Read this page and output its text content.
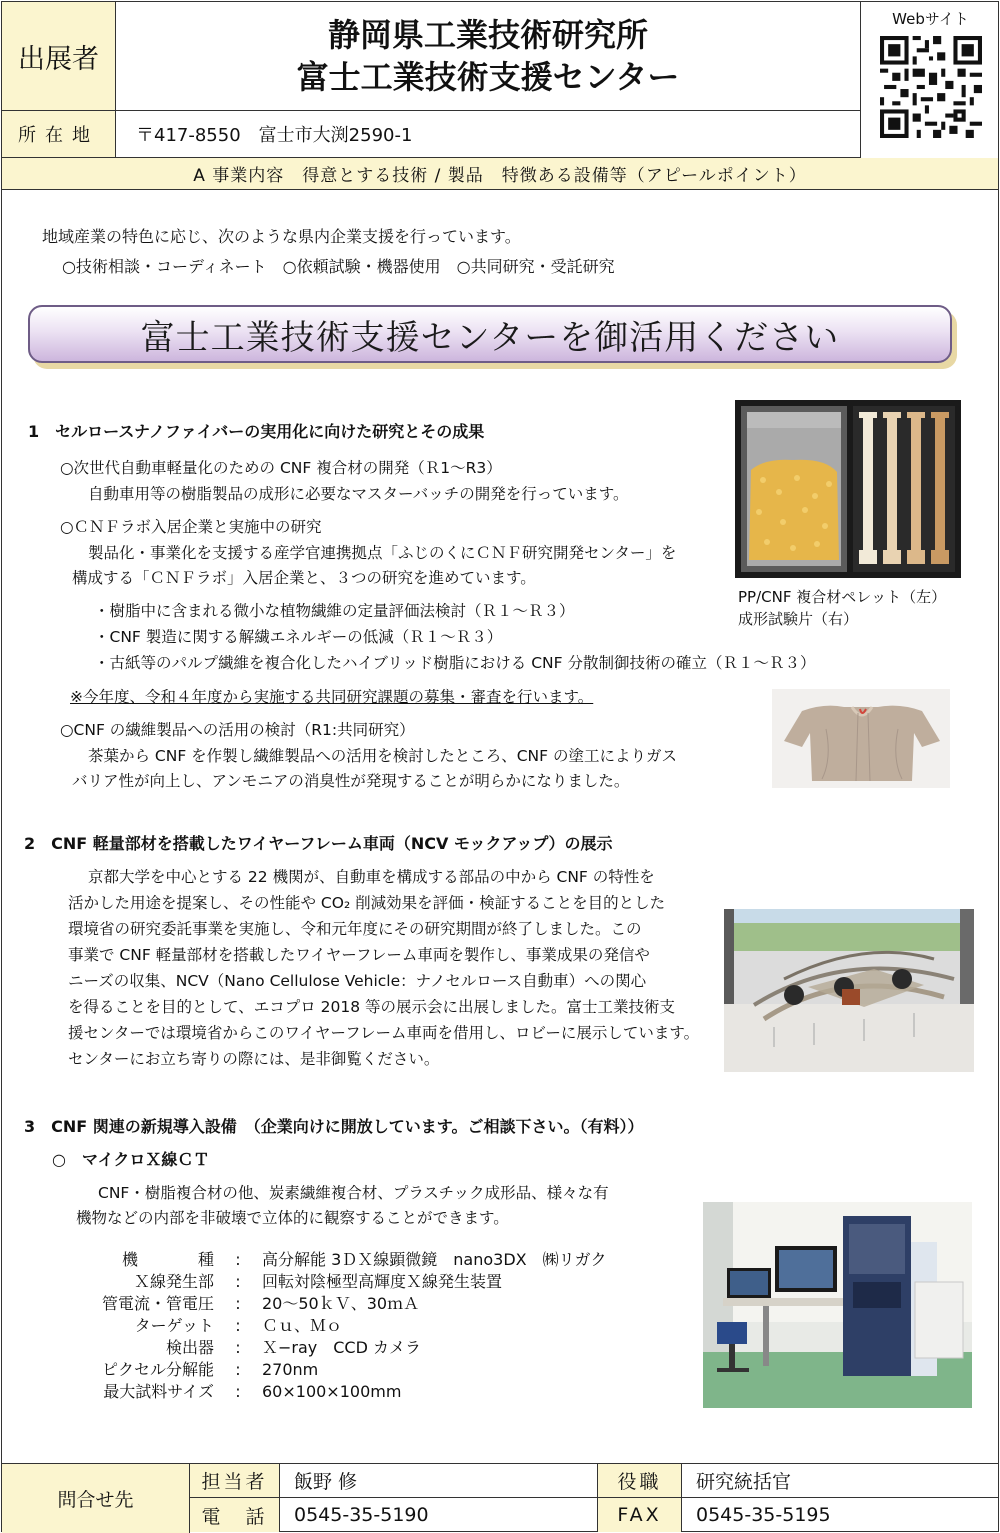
出展者
静岡県工業技術研究所
富士工業技術支援センター
Webサイト
所在地	〒417-8550　富士市大渕2590-1
A 事業内容　得意とする技術 / 製品　特徴ある設備等（アピールポイント）
地域産業の特色に応じ、次のような県内企業支援を行っています。
○技術相談・コーディネート　○依頼試験・機器使用　○共同研究・受託研究
富士工業技術支援センターを御活用ください
1　セルロースナノファイバーの実用化に向けた研究とその成果
○次世代自動車軽量化のための CNF 複合材の開発（Ｒ1～R3）
自動車用等の樹脂製品の成形に必要なマスターバッチの開発を行っています。
○ＣＮＦラボ入居企業と実施中の研究
製品化・事業化を支援する産学官連携拠点「ふじのくにＣＮＦ研究開発センター」を
構成する「ＣＮＦラボ」入居企業と、３つの研究を進めています。
・樹脂中に含まれる微小な植物繊維の定量評価法検討（Ｒ１～Ｒ３）
・CNF 製造に関する解繊エネルギーの低減（Ｒ１～Ｒ３）
・古紙等のパルプ繊維を複合化したハイブリッド樹脂における CNF 分散制御技術の確立（Ｒ１～Ｒ３）
※今年度、令和４年度から実施する共同研究課題の募集・審査を行います。
○CNF の繊維製品への活用の検討（R1:共同研究）
茶葉から CNF を作製し繊維製品への活用を検討したところ、CNF の塗工によりガス
バリア性が向上し、アンモニアの消臭性が発現することが明らかになりました。
PP/CNF 複合材ペレット（左）
成形試験片（右）
2　CNF 軽量部材を搭載したワイヤーフレーム車両（NCV モックアップ）の展示
京都大学を中心とする 22 機関が、自動車を構成する部品の中から CNF の特性を
活かした用途を提案し、その性能や CO₂ 削減効果を評価・検証することを目的とした
環境省の研究委託事業を実施し、令和元年度にその研究期間が終了しました。この
事業で CNF 軽量部材を搭載したワイヤーフレーム車両を製作し、事業成果の発信や
ニーズの収集、NCV（Nano Cellulose Vehicle：ナノセルロース自動車）への関心
を得ることを目的として、エコプロ 2018 等の展示会に出展しました。富士工業技術支
援センターでは環境省からこのワイヤーフレーム車両を借用し、ロビーに展示しています。
センターにお立ち寄りの際には、是非御覧ください。
3　CNF 関連の新規導入設備　（企業向けに開放しています。ご相談下さい。（有料））
○　マイクロＸ線ＣＴ
CNF・樹脂複合材の他、炭素繊維複合材、プラスチック成形品、様々な有
機物などの内部を非破壊で立体的に観察することができます。
機種	:	高分解能 3ＤＸ線顕微鏡　nano3DX　㈱リガク
Ｘ線発生部	:	回転対陰極型高輝度Ｘ線発生装置
管電流・管電圧	:	20～50ｋＶ、30ｍＡ
ターゲット	:	Ｃｕ、Ｍｏ
検出器	:	Ｘ−ray　CCD カメラ
ピクセル分解能	:	270nm
最大試料サイズ	:	60×100×100mm
問合せ先
担当者	飯野 修	役職	研究統括官
電　話	0545-35-5190	FAX	0545-35-5195
